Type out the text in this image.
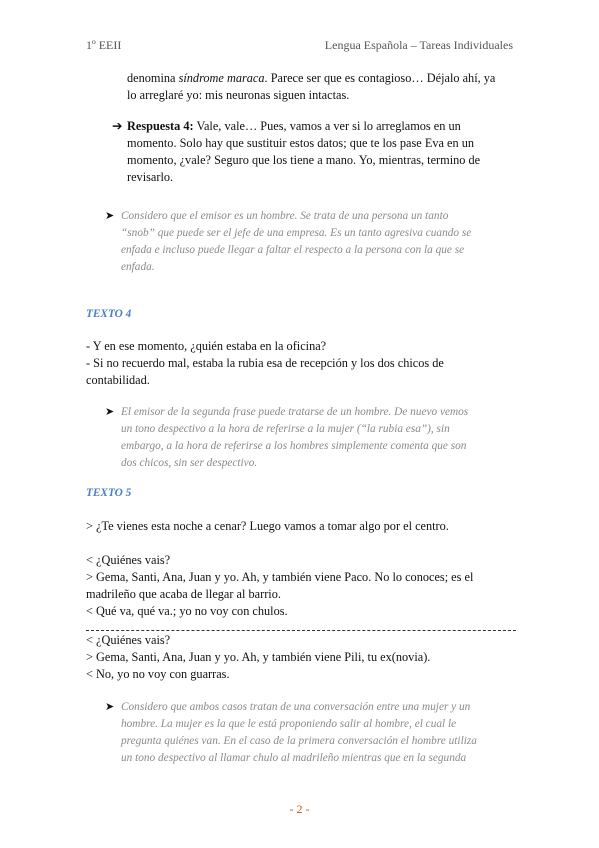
1º EEII	Lengua Española – Tareas Individuales

denomina síndrome maraca. Parece ser que es contagioso… Déjalo ahí, ya

lo arreglaré yo: mis neuronas siguen intactas.

➔ Respuesta 4: Vale, vale… Pues, vamos a ver si lo arreglamos en un

momento. Solo hay que sustituir estos datos; que te los pase Eva en un

momento, ¿vale? Seguro que los tiene a mano. Yo, mientras, termino de

revisarlo.

➤ Considero que el emisor es un hombre. Se trata de una persona un tanto
“snob” que puede ser el jefe de una empresa. Es un tanto agresiva cuando se
enfada e incluso puede llegar a faltar el respecto a la persona con la que se
enfada.
TEXTO 4

- Y en ese momento, ¿quién estaba en la oficina?

- Si no recuerdo mal, estaba la rubia esa de recepción y los dos chicos de

contabilidad.

➤ El emisor de la segunda frase puede tratarse de un hombre. De nuevo vemos
un tono despectivo a la hora de referirse a la mujer (“la rubia esa”), sin
embargo, a la hora de referirse a los hombres simplemente comenta que son
dos chicos, sin ser despectivo.
TEXTO 5
> ¿Te vienes esta noche a cenar? Luego vamos a tomar algo por el centro.

< ¿Quiénes vais?

> Gema, Santi, Ana, Juan y yo. Ah, y también viene Paco. No lo conoces; es el

madrileño que acaba de llegar al barrio.

< Qué va, qué va.; yo no voy con chulos.

< ¿Quiénes vais?

> Gema, Santi, Ana, Juan y yo. Ah, y también viene Pili, tu ex(novia).

< No, yo no voy con guarras.

➤ Considero que ambos casos tratan de una conversación entre una mujer y un
hombre. La mujer es la que le está proponiendo salir al hombre, el cual le
pregunta quiénes van. En el caso de la primera conversación el hombre utiliza
un tono despectivo al llamar chulo al madrileño mientras que en la segunda
- 2 -
